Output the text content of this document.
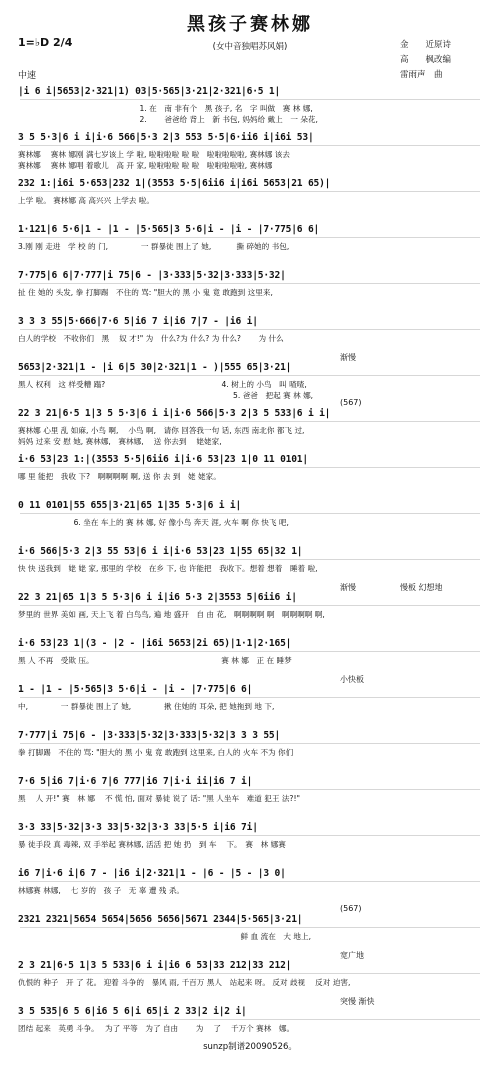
黑孩子赛林娜
(女中音独唱苏风娟)
1=♭D 2/4
中速
金　　近原诗
高　　枫改编
雷雨声　曲
|i 6 i|5653|2·321|1) 03|5·565|3·21|2·321|6·5 1|
　　　　　　　　　　　　　　　　1. 在　南 非有个　黑 孩子, 名　字 叫做　赛 林 娜,
　　　　　　　　　　　　　　　　2.　　 爸爸给 背上　新 书包, 妈妈给 戴上　一 朵花,
3 5 5·3|6 i i|i·6 566|5·3 2|3 553 5·5|6·ii6 i|i6i 53|
赛林娜　 赛林 娜刚 满七岁该上 学 啦, 啦啦啦啦 啦 啦　啦啦啦啦啦, 赛林娜 该去
赛林娜　 赛林 娜唱 着歌儿　高 开 家, 啦啦啦啦 啦 啦　啦啦啦啦啦, 赛林娜
232 1:|i6i 5·653|232 1|(3553 5·5|6ii6 i|i6i 5653|21 65)|
上学 啦。 赛林娜 高 高兴兴 上学去 啦。
1·121|6 5·6|1 - |1 - |5·565|3 5·6|i - |i - |7·775|6 6|
3.刚 刚 走进　学 校 的 门,　　　　 一 群暴徒 围上了 她,　　　 撕 碎她的 书包,
7·775|6 6|7·777|i 75|6 - |3·333|5·32|3·333|5·32|
扯 住 她的 头发, 拳 打脚踢　不住的 骂: "胆大的 黑 小 鬼 竟 敢跑到 这里来,
3 3 3 55|5·666|7·6 5|i6 7 i|i6 7|7 - |i6 i|
白人的学校　不收你们　黑　 奴 才!" 为　什么?为 什么? 为 什么?　　 为 什么
5653|2·321|1 - |i 6|5 30|2·321|1 - )|555 65|3·21|
黑人 权利　这 样受糟 蹋?　　　　　　　　　　　　　　　 4. 树上的 小鸟　叫 喳喳,
　　　　　　　　　　　　　　　　　　　　　　　　　　　　 5. 爸爸　把起 赛 林 娜,
22 3 21|6·5 1|3 5 5·3|6 i i|i·6 566|5·3 2|3 5 533|6 i i|
赛林娜 心里 乱 如麻, 小鸟 啊,　 小鸟 啊,　请你 回答我一句 话, 东西 南北你 都飞 过,
妈妈 过来 安 慰 她, 赛林娜,　赛林娜,　 送 你去到　 姥姥家,
i·6 53|23 1:|(3553 5·5|6ii6 i|i·6 53|23 1|0 11 0101|
哪 里 能把　我收 下?　啊啊啊啊 啊, 送 你 去 到　姥 姥家。
0 11 0101|55 655|3·21|65 1|35 5·3|6 i i|
　　　　　　　 6. 坐在 车上的 赛 林 娜, 好 像小鸟 奔天 涯, 火车 啊 你 快飞 吧,
i·6 566|5·3 2|3 55 53|6 i i|i·6 53|23 1|55 65|32 1|
快 快 送我到　姥 姥 家, 那里的 学校　在乡 下, 也 许能把　我收下。想着 想着　睡着 啦,
22 3 21|65 1|3 5 5·3|6 i i|i6 5·3 2|3553 5|6ii6 i|
梦里的 世界 美如 画, 天上飞 着 白鸟鸟, 遍 地 盛开　自 由 花,　啊啊啊啊 啊　啊啊啊啊 啊,
i·6 53|23 1|(3 - |2 - |i6i 5653|2i 65)|1·1|2·165|
黑 人 不再　受欺 压。　　　　　　　　　　　　　　　　　 赛 林 娜　正 在 睡梦
1 - |1 - |5·565|3 5·6|i - |i - |7·775|6 6|
中,　　　　 一 群暴徒 围上了 她,　　　　 揪 住她的 耳朵, 把 她拖到 地 下,
7·777|i 75|6 - |3·333|5·32|3·333|5·32|3 3 3 55|
拳 打脚踢　不住的 骂: "胆大的 黑 小 鬼 竟 敢跑到 这里来, 白人的 火车 不为 你们
7·6 5|i6 7|i·6 7|6 777|i6 7|i·i ii|i6 7 i|
黑　 人 开!" 赛　林 娜　 不 慌 怕, 面对 暴徒 说了 话: "黑 人坐车　难道 犯王 法?!"
3·3 33|5·32|3·3 33|5·32|3·3 33|5·5 i|i6 7i|
暴 徒手段 真 毒辣, 双 手举起 赛林娜, 活活 把 她 扔　到 车　 下。　赛　林 娜赛
i6 7|i·6 i|6 7 - |i6 i|2·321|1 - |6 - |5 - |3 0|
林娜赛 林娜,　 七 岁的　孩 子　无 辜 遭 残 杀。
2321 2321|5654 5654|5656 5656|5671 2344|5·565|3·21|
　　　　　　　　　　　　　　　　　　　　　　　　　　　　　 鲜 血 流在　大 地上,
2 3 21|6·5 1|3 5 533|6 i i|i6 6 53|33 212|33 212|
仇恨的 种子　开 了 花。 迎着 斗争的　暴风 雨, 千百万 黑人　站起来 呀。 反对 歧视　 反对 迫害,
3 5 535|6 5 6|i6 5 6|i 65|i 2 33|2 i|2 i|
团结 起来　英勇 斗争。　 为了 平等　为了 自由　　 为　 了　 千万个 赛林　娜。
渐慢
(567)
渐慢	慢板 幻想地
小快板
(567)
宽广地
突慢 渐快
sunzp制谱20090526。
